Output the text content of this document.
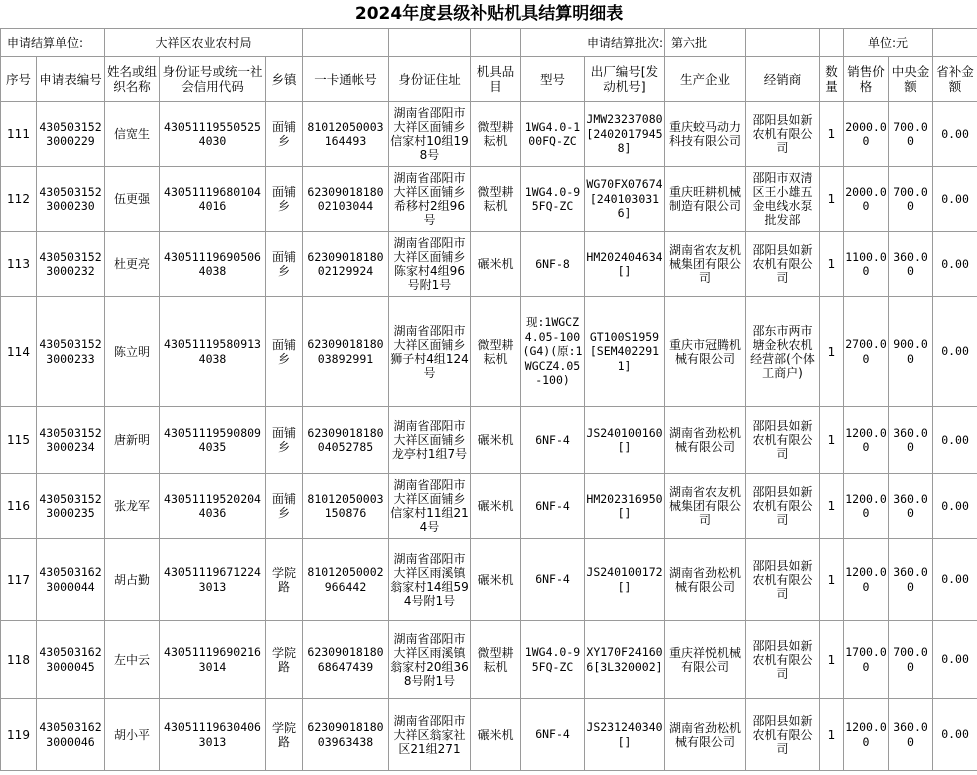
2024年度县级补贴机具结算明细表																
申请结算单位:		大祥区农业农村局						申请结算批次:		第六批			单位:元			
序号	申请表编号	姓名或组织名称	身份证号或统一社会信用代码	乡镇	一卡通帐号	身份证住址	机具品目	型号	出厂编号[发动机号]	生产企业	经销商	数量	销售价格	中央金额	省补金额	
111	4305031523000229	信宽生	430511195505254030	面铺乡	81012050003164493	湖南省邵阳市大祥区面铺乡信家村10组198号	微型耕耘机	1WG4.0-100FQ-ZC	JMW23237080[24020179458]	重庆蛟马动力科技有限公司	邵阳县如新农机有限公司	1	2000.00	700.00	0.00	
112	4305031523000230	伍更强	430511196801044016	面铺乡	6230901818002103044	湖南省邵阳市大祥区面铺乡希移村2组96号	微型耕耘机	1WG4.0-95FQ-ZC	WG70FX07674[2401030316]	重庆旺耕机械制造有限公司	邵阳市双清区王小雄五金电线水泵批发部	1	2000.00	700.00	0.00	
113	4305031523000232	杜更亮	430511196905064038	面铺乡	6230901818002129924	湖南省邵阳市大祥区面铺乡陈家村4组96号附1号	碾米机	6NF-8	HM202404634[]	湖南省农友机械集团有限公司	邵阳县如新农机有限公司	1	1100.00	360.00	0.00	
114	4305031523000233	陈立明	430511195809134038	面铺乡	6230901818003892991	湖南省邵阳市大祥区面铺乡狮子村4组124号	微型耕耘机	现:1WGCZ4.05-100(G4)(原:1WGCZ4.05-100)	GT100S1959[SEM4022911]	重庆市冠腾机械有限公司	邵东市两市塘金秋农机经营部(个体工商户)	1	2700.00	900.00	0.00	
115	4305031523000234	唐新明	430511195908094035	面铺乡	6230901818004052785	湖南省邵阳市大祥区面铺乡龙亭村1组7号	碾米机	6NF-4	JS240100160[]	湖南省劲松机械有限公司	邵阳县如新农机有限公司	1	1200.00	360.00	0.00	
116	4305031523000235	张龙军	430511195202044036	面铺乡	81012050003150876	湖南省邵阳市大祥区面铺乡信家村11组214号	碾米机	6NF-4	HM202316950[]	湖南省农友机械集团有限公司	邵阳县如新农机有限公司	1	1200.00	360.00	0.00	
117	4305031623000044	胡占勤	430511196712243013	学院路	81012050002966442	湖南省邵阳市大祥区雨溪镇翁家村14组594号附1号	碾米机	6NF-4	JS240100172[]	湖南省劲松机械有限公司	邵阳县如新农机有限公司	1	1200.00	360.00	0.00	
118	4305031623000045	左中云	430511196902163014	学院路	6230901818068647439	湖南省邵阳市大祥区雨溪镇翁家村20组368号附1号	微型耕耘机	1WG4.0-95FQ-ZC	XY170F241606[3L320002]	重庆祥悦机械有限公司	邵阳县如新农机有限公司	1	1700.00	700.00	0.00	
119	4305031623000046	胡小平	430511196304063013	学院路	6230901818003963438	湖南省邵阳市大祥区翁家社区21组271	碾米机	6NF-4	JS231240340[]	湖南省劲松机械有限公司	邵阳县如新农机有限公司	1	1200.00	360.00	0.00	
